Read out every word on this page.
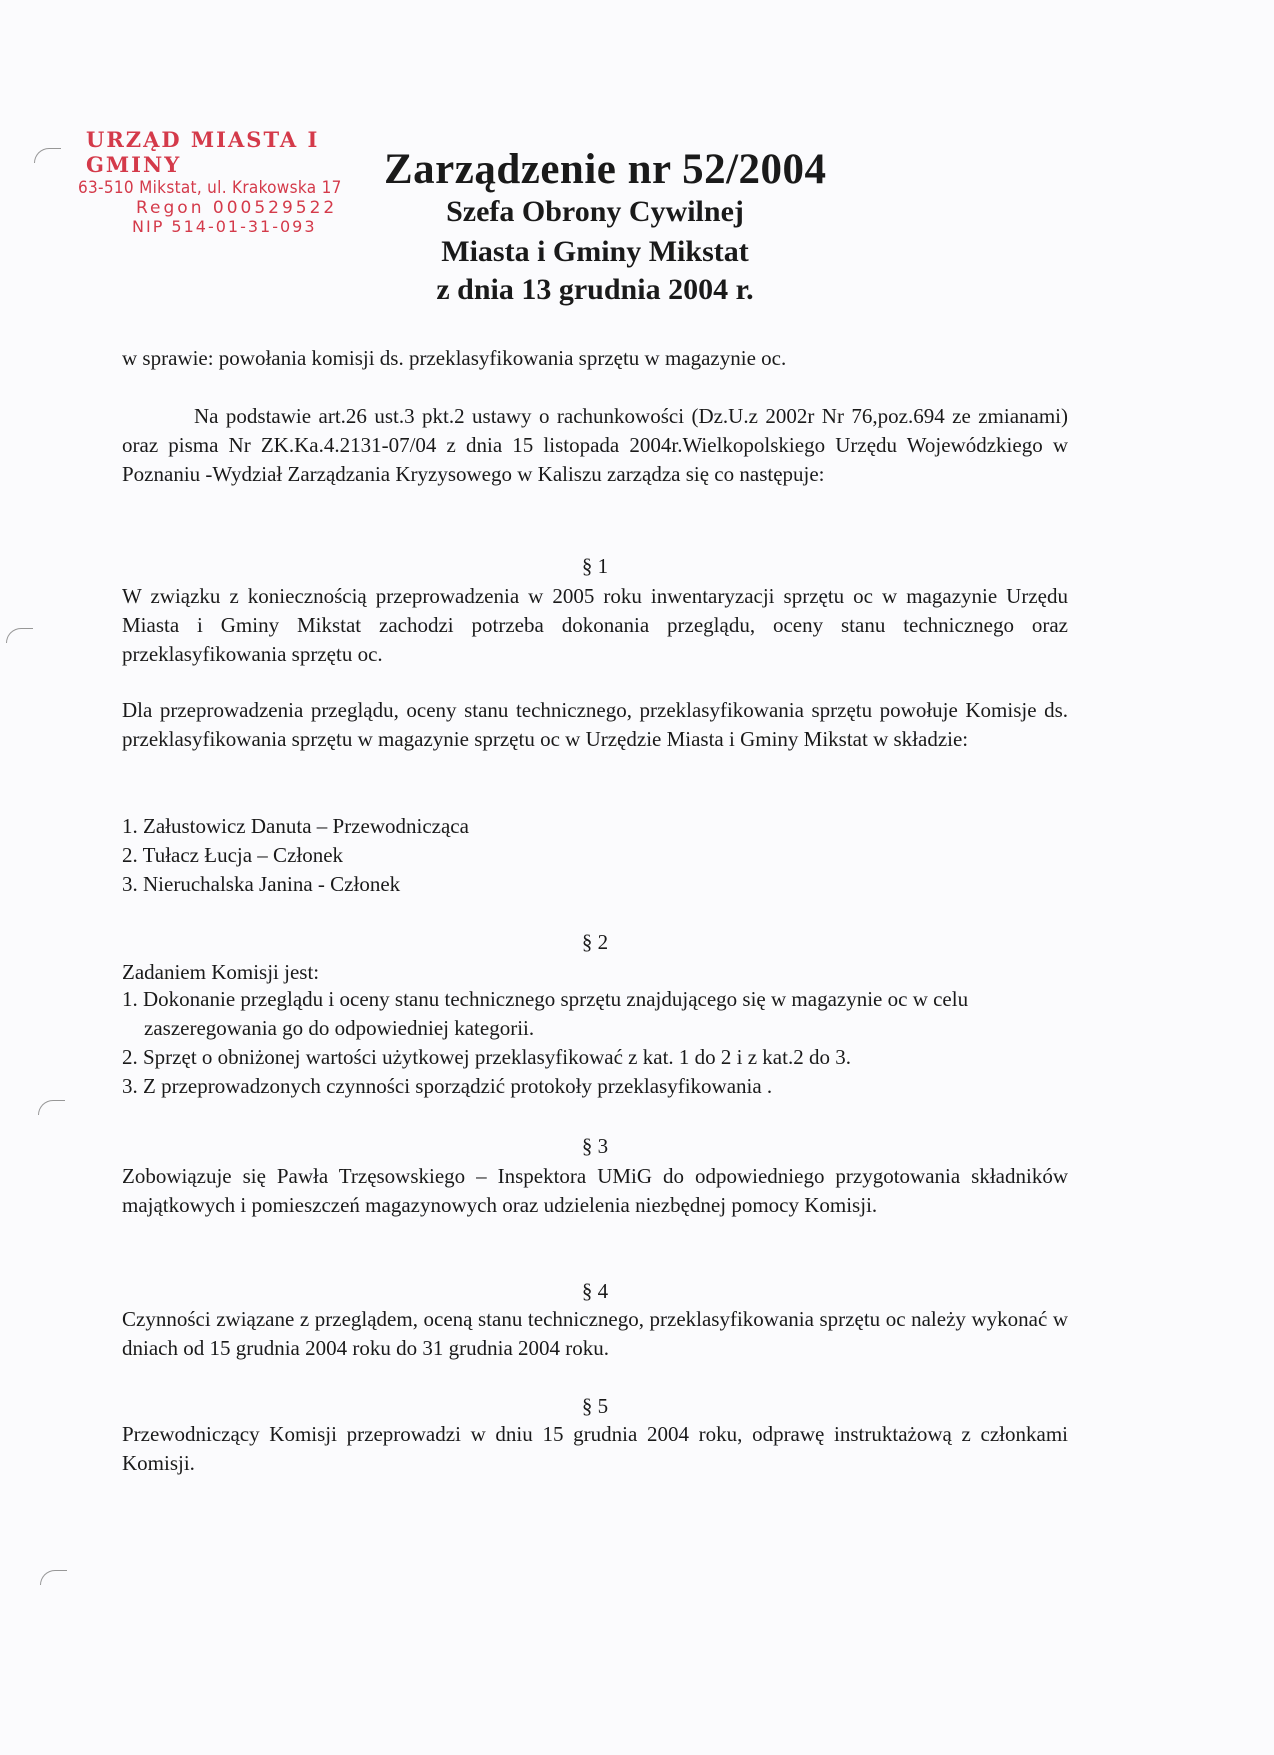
URZĄD MIASTA I GMINY
63-510 Mikstat, ul. Krakowska 17
Regon 000529522
NIP 514-01-31-093
Zarządzenie nr 52/2004
Szefa Obrony Cywilnej
Miasta i Gminy Mikstat
z dnia 13 grudnia 2004 r.
w sprawie: powołania komisji ds. przeklasyfikowania sprzętu w magazynie oc.
Na podstawie art.26 ust.3 pkt.2 ustawy o rachunkowości (Dz.U.z 2002r Nr 76,poz.694 ze zmianami) oraz pisma Nr ZK.Ka.4.2131-07/04 z dnia 15 listopada 2004r.Wielkopolskiego Urzędu Wojewódzkiego w Poznaniu -Wydział Zarządzania Kryzysowego w Kaliszu zarządza się co następuje:
§ 1
W związku z koniecznością przeprowadzenia w 2005 roku inwentaryzacji sprzętu oc w magazynie Urzędu Miasta i Gminy Mikstat zachodzi potrzeba dokonania przeglądu, oceny stanu technicznego oraz przeklasyfikowania sprzętu oc.
Dla przeprowadzenia przeglądu, oceny stanu technicznego, przeklasyfikowania sprzętu powołuje Komisje ds. przeklasyfikowania sprzętu w magazynie sprzętu oc w Urzędzie Miasta i Gminy Mikstat w składzie:
1. Załustowicz Danuta – Przewodnicząca
2. Tułacz Łucja – Członek
3. Nieruchalska Janina - Członek
§ 2
Zadaniem Komisji jest:
1. Dokonanie przeglądu i oceny stanu technicznego sprzętu znajdującego się w magazynie oc w celu zaszeregowania go do odpowiedniej kategorii.
2. Sprzęt o obniżonej wartości użytkowej przeklasyfikować z kat. 1 do 2 i z kat.2 do 3.
3. Z przeprowadzonych czynności sporządzić protokoły przeklasyfikowania .
§ 3
Zobowiązuje się Pawła Trzęsowskiego – Inspektora UMiG do odpowiedniego przygotowania składników majątkowych i pomieszczeń magazynowych oraz udzielenia niezbędnej pomocy Komisji.
§ 4
Czynności związane z przeglądem, oceną stanu technicznego, przeklasyfikowania sprzętu oc należy wykonać w dniach od 15 grudnia 2004 roku do 31 grudnia 2004 roku.
§ 5
Przewodniczący Komisji przeprowadzi w dniu 15 grudnia 2004 roku, odprawę instruktażową z członkami Komisji.
